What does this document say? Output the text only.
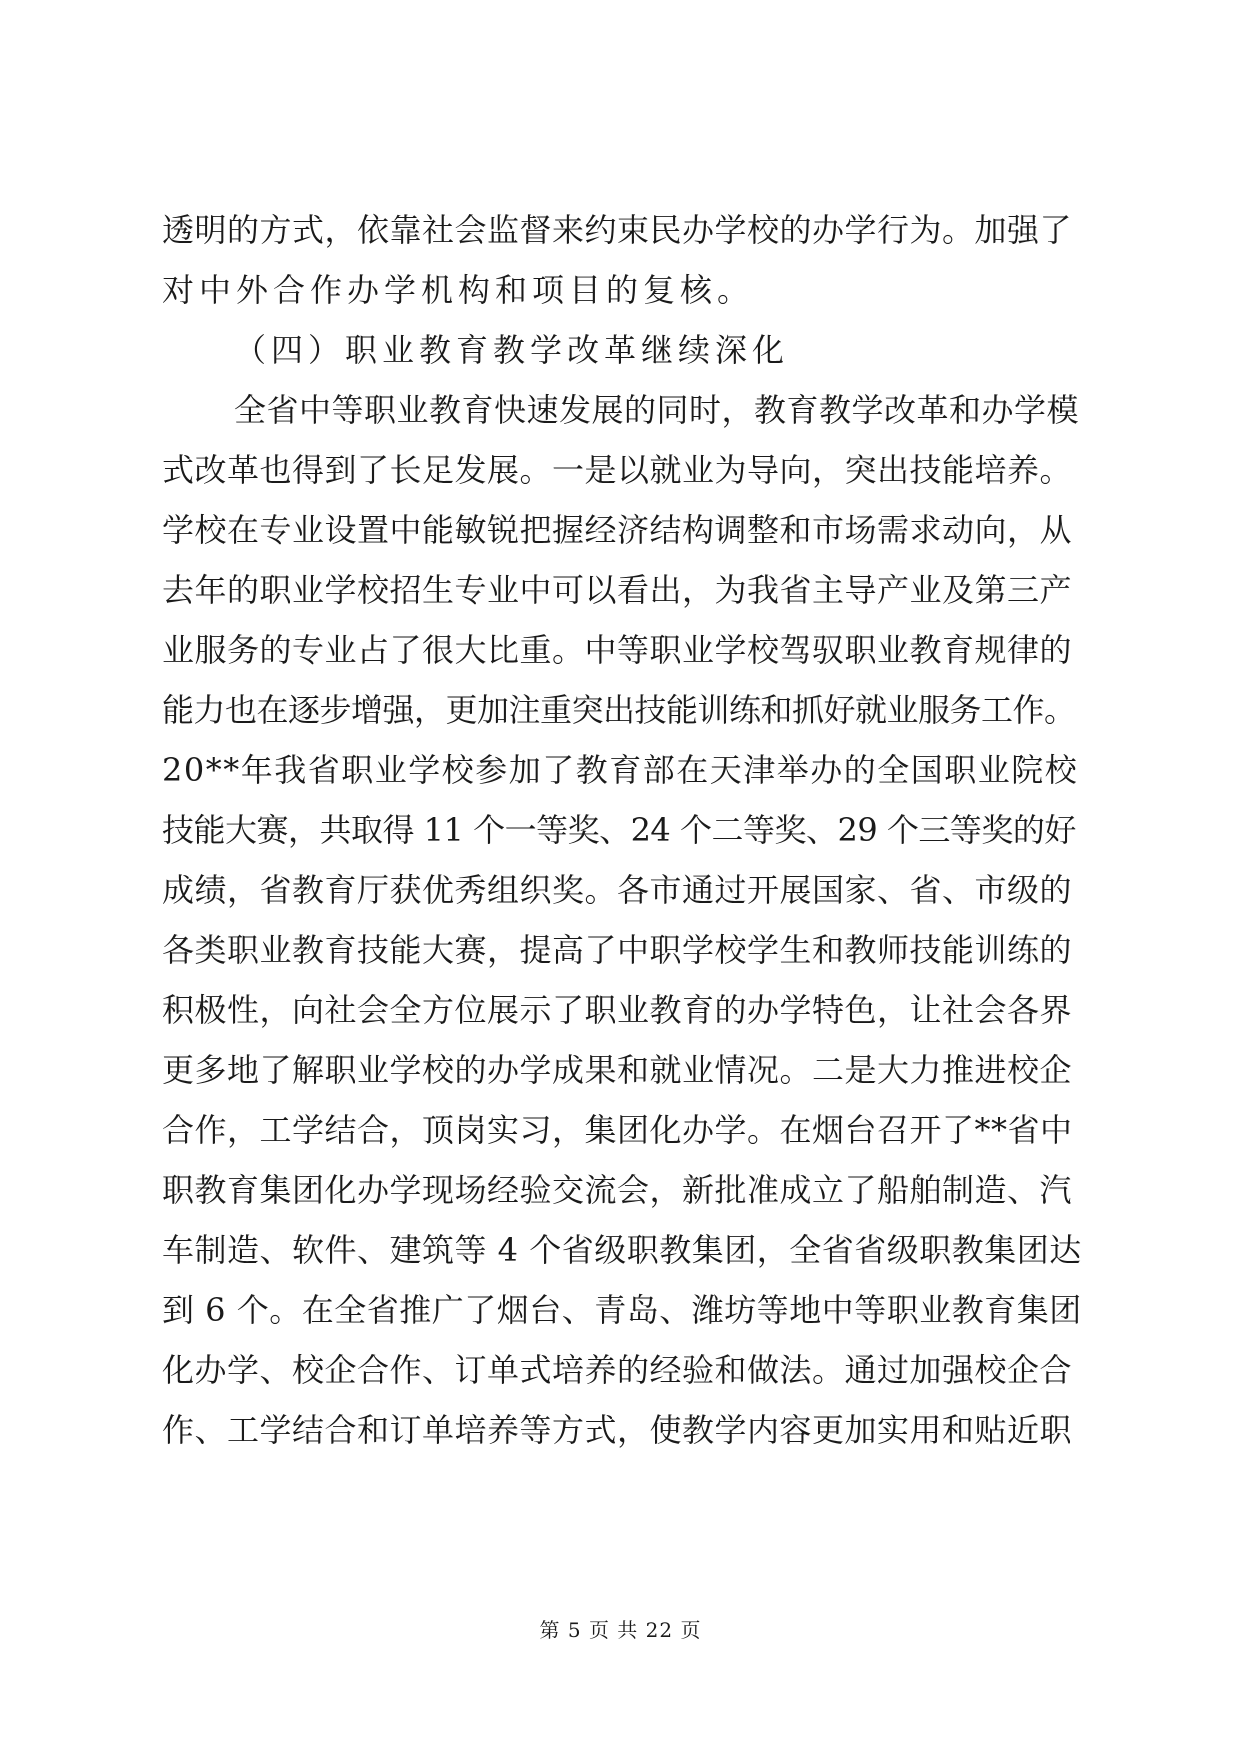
透明的方式，依靠社会监督来约束民办学校的办学行为。加强了
对中外合作办学机构和项目的复核。
（四）职业教育教学改革继续深化
全省中等职业教育快速发展的同时，教育教学改革和办学模
式改革也得到了长足发展。一是以就业为导向，突出技能培养。
学校在专业设置中能敏锐把握经济结构调整和市场需求动向，从
去年的职业学校招生专业中可以看出，为我省主导产业及第三产
业服务的专业占了很大比重。中等职业学校驾驭职业教育规律的
能力也在逐步增强，更加注重突出技能训练和抓好就业服务工作。
20**年我省职业学校参加了教育部在天津举办的全国职业院校
技能大赛，共取得 11 个一等奖、24 个二等奖、29 个三等奖的好
成绩，省教育厅获优秀组织奖。各市通过开展国家、省、市级的
各类职业教育技能大赛，提高了中职学校学生和教师技能训练的
积极性，向社会全方位展示了职业教育的办学特色，让社会各界
更多地了解职业学校的办学成果和就业情况。二是大力推进校企
合作，工学结合，顶岗实习，集团化办学。在烟台召开了**省中
职教育集团化办学现场经验交流会，新批准成立了船舶制造、汽
车制造、软件、建筑等 4 个省级职教集团，全省省级职教集团达
到 6 个。在全省推广了烟台、青岛、潍坊等地中等职业教育集团
化办学、校企合作、订单式培养的经验和做法。通过加强校企合
作、工学结合和订单培养等方式，使教学内容更加实用和贴近职
第 5 页 共 22 页
